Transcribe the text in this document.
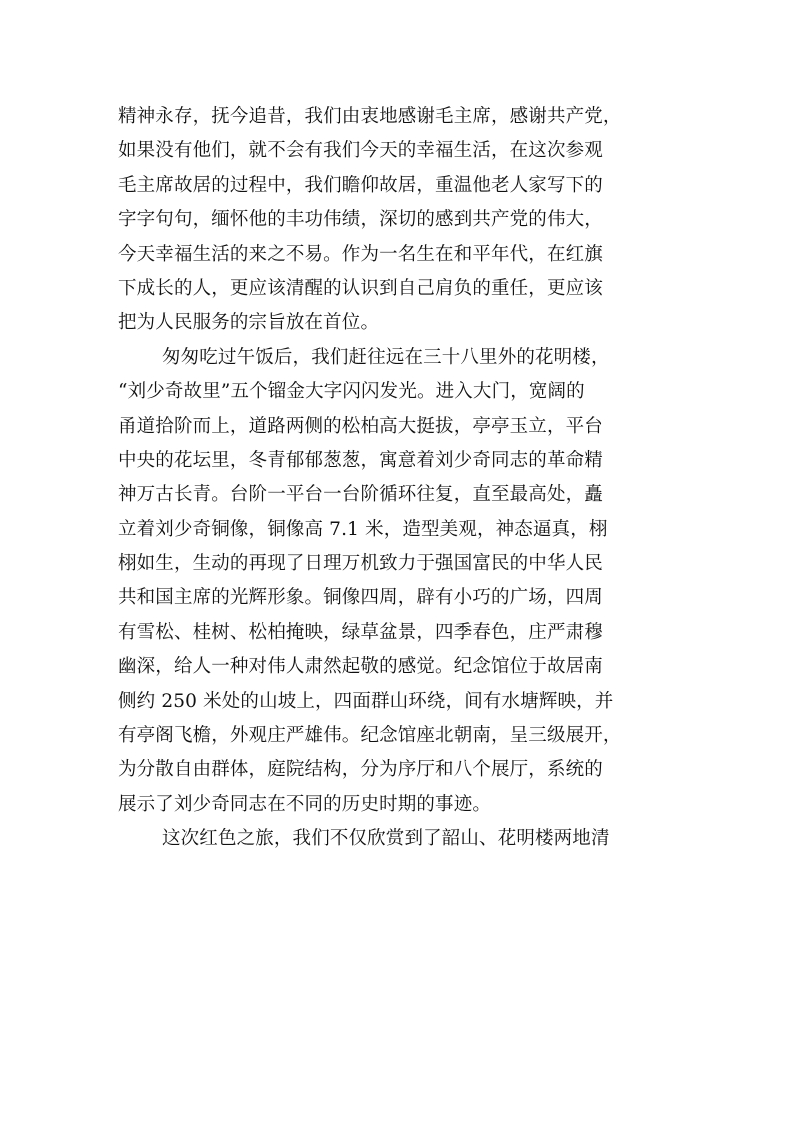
精神永存，抚今追昔，我们由衷地感谢毛主席，感谢共产党，
如果没有他们，就不会有我们今天的幸福生活，在这次参观
毛主席故居的过程中，我们瞻仰故居，重温他老人家写下的
字字句句，缅怀他的丰功伟绩，深切的感到共产党的伟大，
今天幸福生活的来之不易。作为一名生在和平年代，在红旗
下成长的人，更应该清醒的认识到自己肩负的重任，更应该
把为人民服务的宗旨放在首位。
匆匆吃过午饭后，我们赶往远在三十八里外的花明楼，
“刘少奇故里”五个镏金大字闪闪发光。进入大门，宽阔的
甬道拾阶而上，道路两侧的松柏高大挺拔，亭亭玉立，平台
中央的花坛里，冬青郁郁葱葱，寓意着刘少奇同志的革命精
神万古长青。台阶一平台一台阶循环往复，直至最高处，矗
立着刘少奇铜像，铜像高 7.1 米，造型美观，神态逼真，栩
栩如生，生动的再现了日理万机致力于强国富民的中华人民
共和国主席的光辉形象。铜像四周，辟有小巧的广场，四周
有雪松、桂树、松柏掩映，绿草盆景，四季春色，庄严肃穆
幽深，给人一种对伟人肃然起敬的感觉。纪念馆位于故居南
侧约 250 米处的山坡上，四面群山环绕，间有水塘辉映，并
有亭阁飞檐，外观庄严雄伟。纪念馆座北朝南，呈三级展开，
为分散自由群体，庭院结构，分为序厅和八个展厅，系统的
展示了刘少奇同志在不同的历史时期的事迹。
这次红色之旅，我们不仅欣赏到了韶山、花明楼两地清
